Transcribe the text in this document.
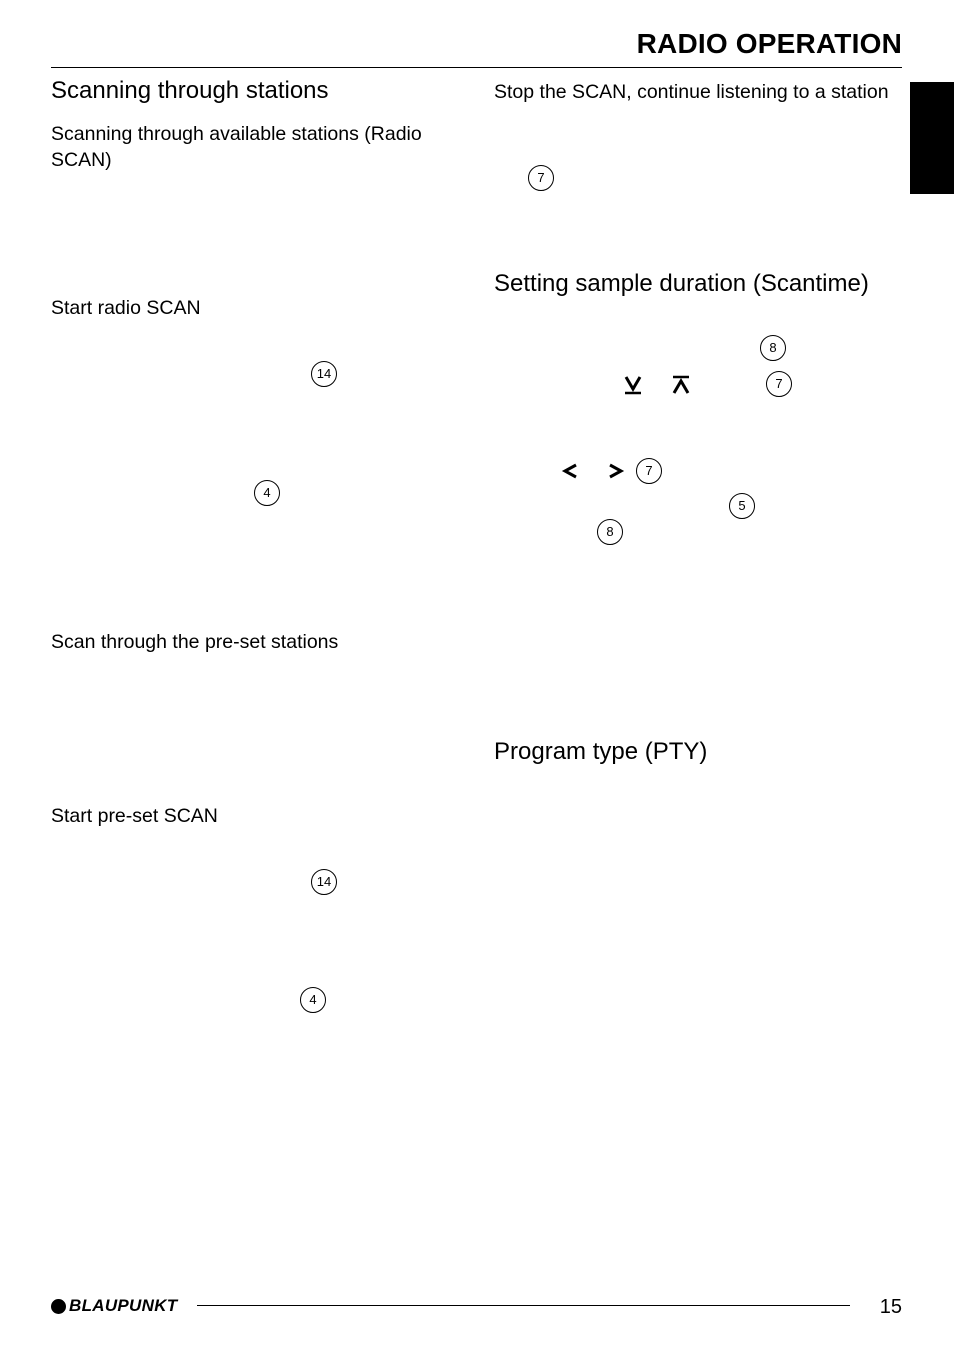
RADIO OPERATION
Scanning through stations
Scanning through available stations (Radio SCAN)
Start radio SCAN
14
4
Scan through the pre-set stations
Start pre-set SCAN
14
4
Stop the SCAN, continue listening to a station
7
Setting sample duration (Scantime)
8
7
7
5
8
Program type (PTY)
BLAUPUNKT	15
